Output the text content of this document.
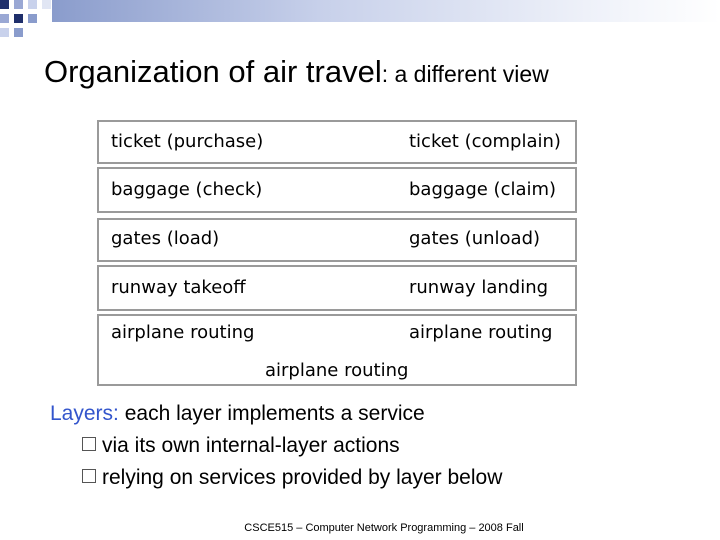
Organization of air travel: a different view
ticket (purchase)	ticket (complain)
baggage (check)	baggage (claim)
gates (load)	gates (unload)
runway takeoff	runway landing
airplane routing	airplane routing
airplane routing
Layers: each layer implements a service
via its own internal-layer actions
relying on services provided by layer below
CSCE515 – Computer Network Programming – 2008 Fall
